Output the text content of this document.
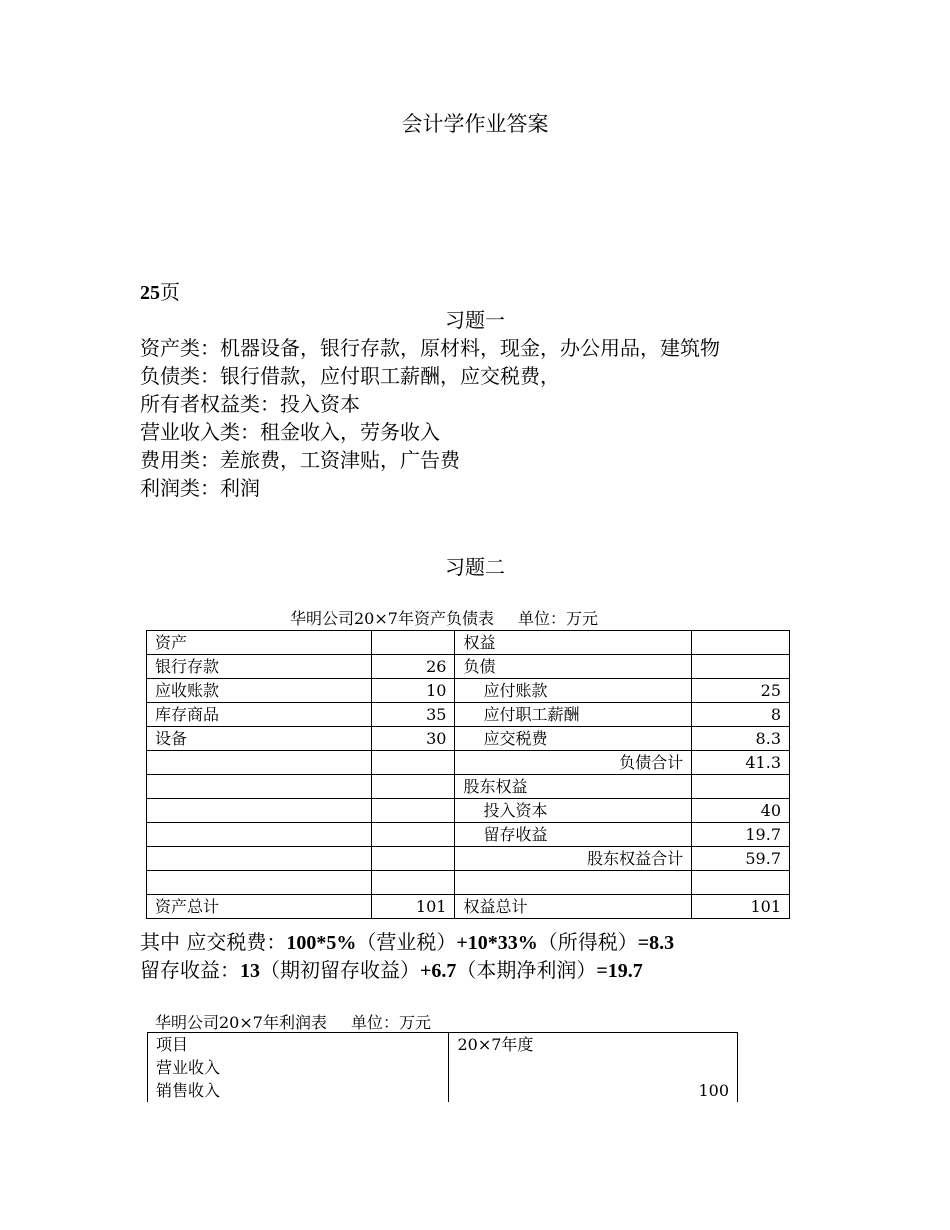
会计学作业答案
25页
习题一
资产类：机器设备，银行存款，原材料，现金，办公用品，建筑物
负债类：银行借款，应付职工薪酬，应交税费，
所有者权益类：投入资本
营业收入类：租金收入，劳务收入
费用类：差旅费，工资津贴，广告费
利润类：利润
习题二
华明公司20×7年资产负债表 单位：万元
资产		权益	
银行存款	26	负债	
应收账款	10	应付账款	25
库存商品	35	应付职工薪酬	8
设备	30	应交税费	8.3
		负债合计	41.3
		股东权益	
		投入资本	40
		留存收益	19.7
		股东权益合计	59.7

资产总计	101	权益总计	101
其中 应交税费：100*5%（营业税）+10*33%（所得税）=8.3
留存收益：13（期初留存收益）+6.7（本期净利润）=19.7
华明公司20×7年利润表 单位：万元
项目	20×7年度
营业收入	
销售收入	100
